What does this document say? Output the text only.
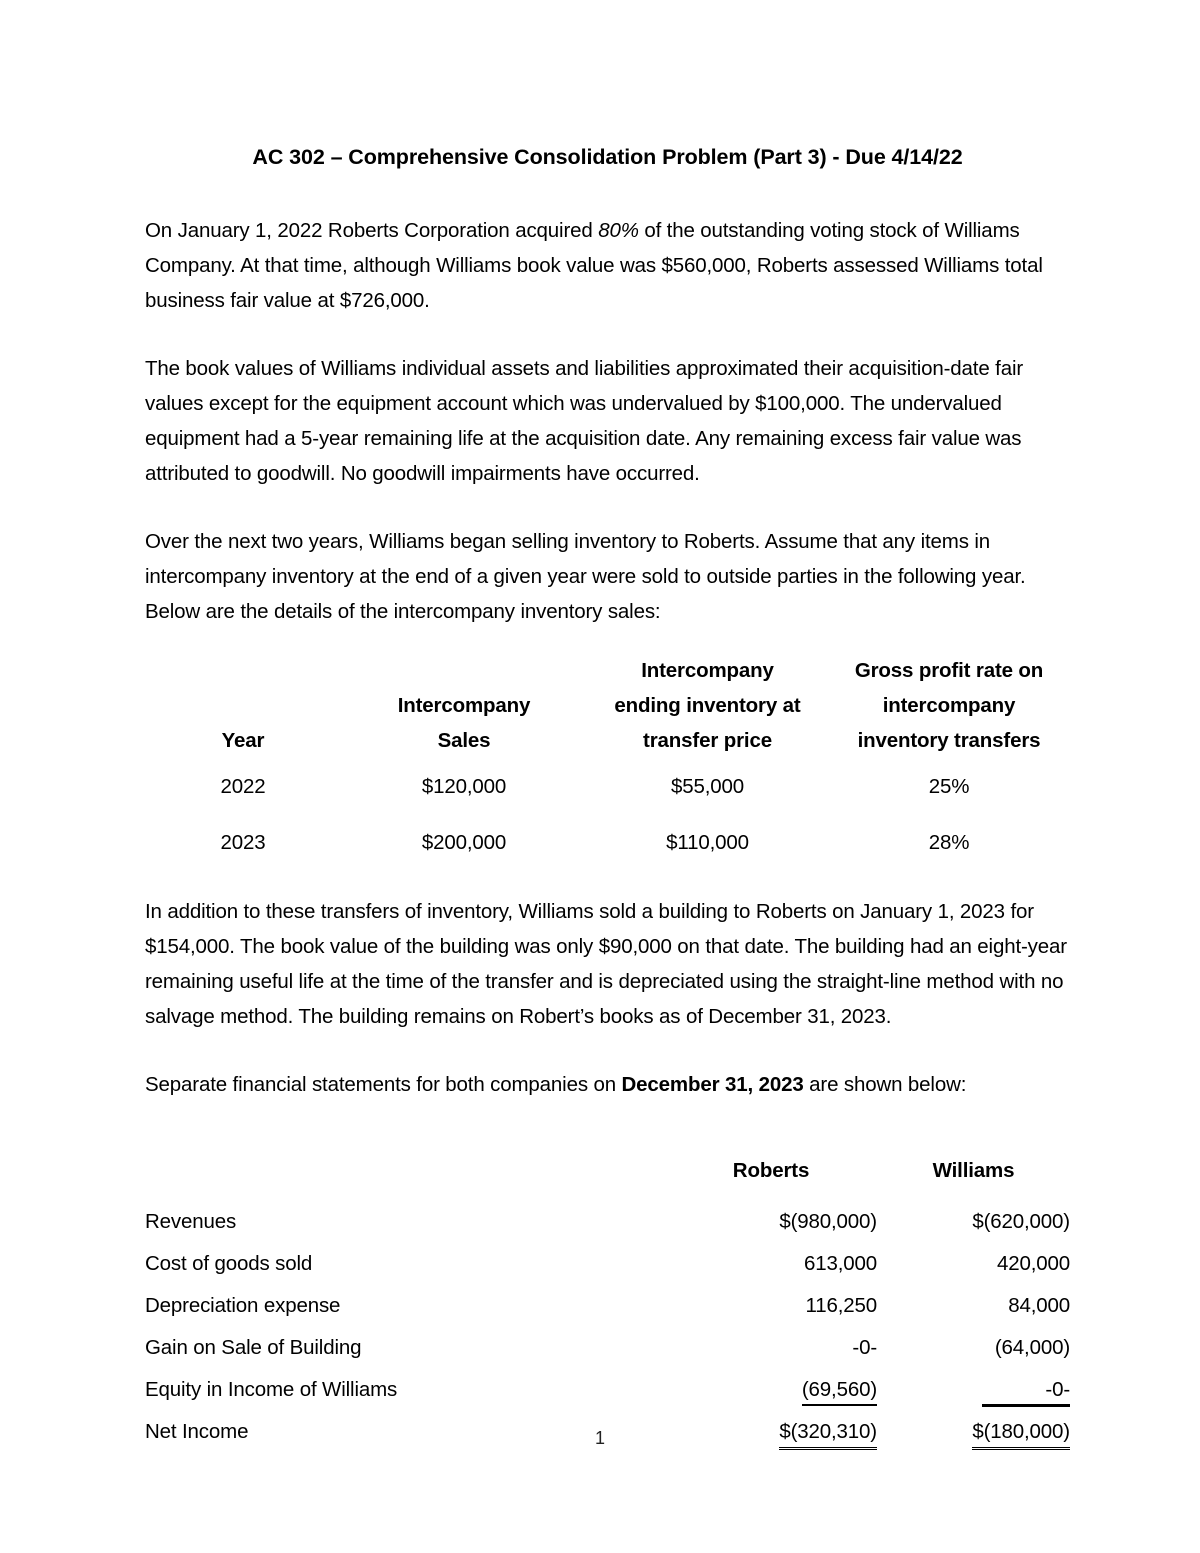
AC 302 – Comprehensive Consolidation Problem (Part 3) - Due 4/14/22

On January 1, 2022 Roberts Corporation acquired 80% of the outstanding voting stock of Williams Company. At that time, although Williams book value was $560,000, Roberts assessed Williams total business fair value at $726,000.

The book values of Williams individual assets and liabilities approximated their acquisition-date fair values except for the equipment account which was undervalued by $100,000. The undervalued equipment had a 5-year remaining life at the acquisition date. Any remaining excess fair value was attributed to goodwill. No goodwill impairments have occurred.

Over the next two years, Williams began selling inventory to Roberts. Assume that any items in intercompany inventory at the end of a given year were sold to outside parties in the following year. Below are the details of the intercompany inventory sales:

		Intercompany	Gross profit rate on
	Intercompany	ending inventory at	intercompany
Year	Sales	transfer price	inventory transfers
2022	$120,000	$55,000	25%
2023	$200,000	$110,000	28%

In addition to these transfers of inventory, Williams sold a building to Roberts on January 1, 2023 for $154,000. The book value of the building was only $90,000 on that date. The building had an eight-year remaining useful life at the time of the transfer and is depreciated using the straight-line method with no salvage method. The building remains on Robert’s books as of December 31, 2023.

Separate financial statements for both companies on December 31, 2023 are shown below:

	Roberts	Williams
Revenues	$(980,000)	$(620,000)
Cost of goods sold	613,000	420,000
Depreciation expense	116,250	84,000
Gain on Sale of Building	-0-	(64,000)
Equity in Income of Williams	(69,560)	-0-
Net Income	$(320,310)	$(180,000)
1
